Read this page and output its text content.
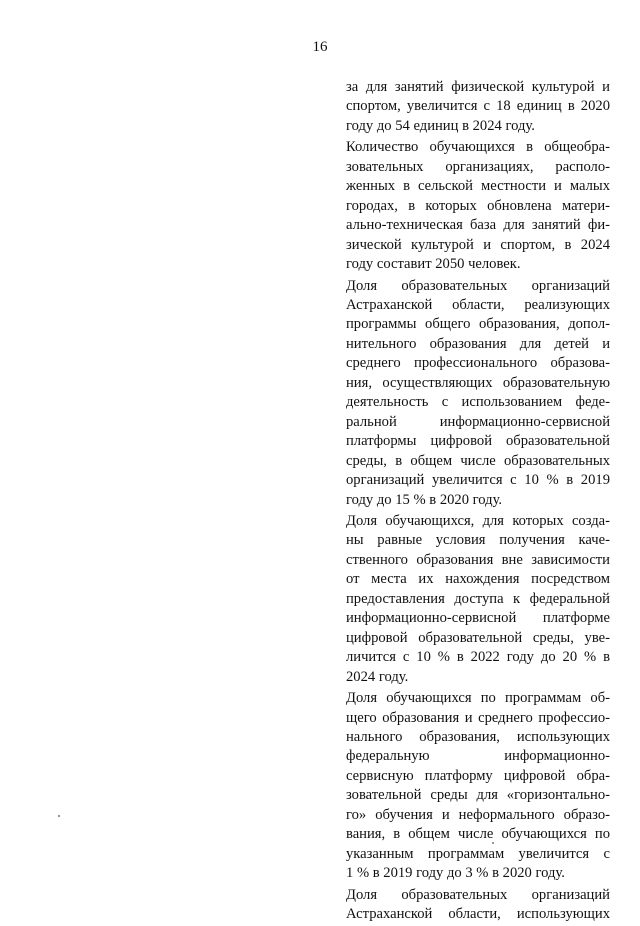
16
за для занятий физической культурой и
спортом, увеличится с 18 единиц в 2020
году до 54 единиц в 2024 году.
Количество обучающихся в общеобра-
зовательных организациях, располо-
женных в сельской местности и малых
городах, в которых обновлена матери-
ально-техническая база для занятий фи-
зической культурой и спортом, в 2024
году составит 2050 человек.
Доля образовательных организаций
Астраханской области, реализующих
программы общего образования, допол-
нительного образования для детей и
среднего профессионального образова-
ния, осуществляющих образовательную
деятельность с использованием феде-
ральной информационно-сервисной
платформы цифровой образовательной
среды, в общем числе образовательных
организаций увеличится с 10 % в 2019
году до 15 % в 2020 году.
Доля обучающихся, для которых созда-
ны равные условия получения каче-
ственного образования вне зависимости
от места их нахождения посредством
предоставления доступа к федеральной
информационно-сервисной платформе
цифровой образовательной среды, уве-
личится с 10 % в 2022 году до 20 % в
2024 году.
Доля обучающихся по программам об-
щего образования и среднего профессио-
нального образования, использующих
федеральную информационно-
сервисную платформу цифровой обра-
зовательной среды для «горизонтально-
го» обучения и неформального образо-
вания, в общем числе обучающихся по
указанным программам увеличится с
1 % в 2019 году до 3 % в 2020 году.
Доля образовательных организаций
Астраханской области, использующих
